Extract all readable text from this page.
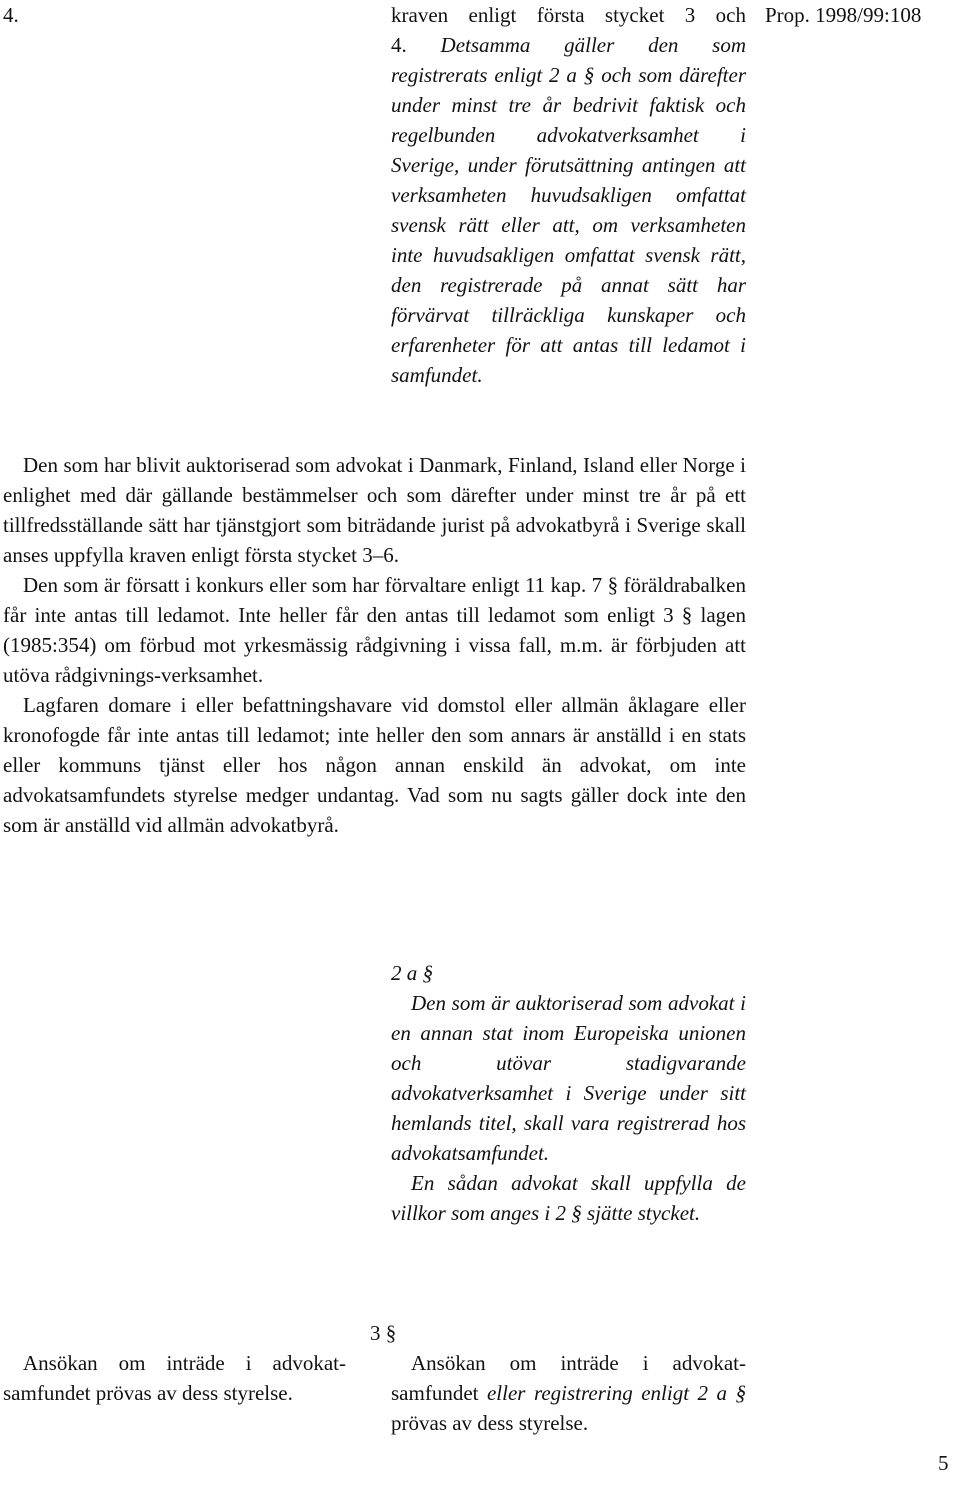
4.	Prop. 1998/99:108
kraven enligt första stycket 3 och
4. Detsamma gäller den som
registrerats enligt 2 a § och som därefter under minst tre år bedrivit faktisk och regelbunden advokatverksamhet i Sverige, under förutsättning antingen att verksamheten huvudsakligen omfattat svensk rätt eller att, om verksamheten inte huvudsakligen omfattat svensk rätt, den registrerade på annat sätt har förvärvat tillräckliga kunskaper och erfarenheter för att antas till ledamot i samfundet.

Den som har blivit auktoriserad som advokat i Danmark, Finland, Island eller Norge i enlighet med där gällande bestämmelser och som därefter under minst tre år på ett tillfredsställande sätt har tjänstgjort som biträdande jurist på advokatbyrå i Sverige skall anses uppfylla kraven enligt första stycket 3–6.

Den som är försatt i konkurs eller som har förvaltare enligt 11 kap. 7 § föräldrabalken får inte antas till ledamot. Inte heller får den antas till ledamot som enligt 3 § lagen (1985:354) om förbud mot yrkesmässig rådgivning i vissa fall, m.m. är förbjuden att utöva rådgivnings-verksamhet.

Lagfaren domare i eller befattningshavare vid domstol eller allmän åklagare eller kronofogde får inte antas till ledamot; inte heller den som annars är anställd i en stats eller kommuns tjänst eller hos någon annan enskild än advokat, om inte advokatsamfundets styrelse medger undantag. Vad som nu sagts gäller dock inte den som är anställd vid allmän advokatbyrå.

2 a §

Den som är auktoriserad som advokat i en annan stat inom Europeiska unionen och utövar stadigvarande advokatverksamhet i Sverige under sitt hemlands titel, skall vara registrerad hos advokatsamfundet.

En sådan advokat skall uppfylla de villkor som anges i 2 § sjätte stycket.

3 §

Ansökan om inträde i advokat-samfundet prövas av dess styrelse.

Ansökan om inträde i advokat-samfundet eller registrering enligt 2 a § prövas av dess styrelse.

5
